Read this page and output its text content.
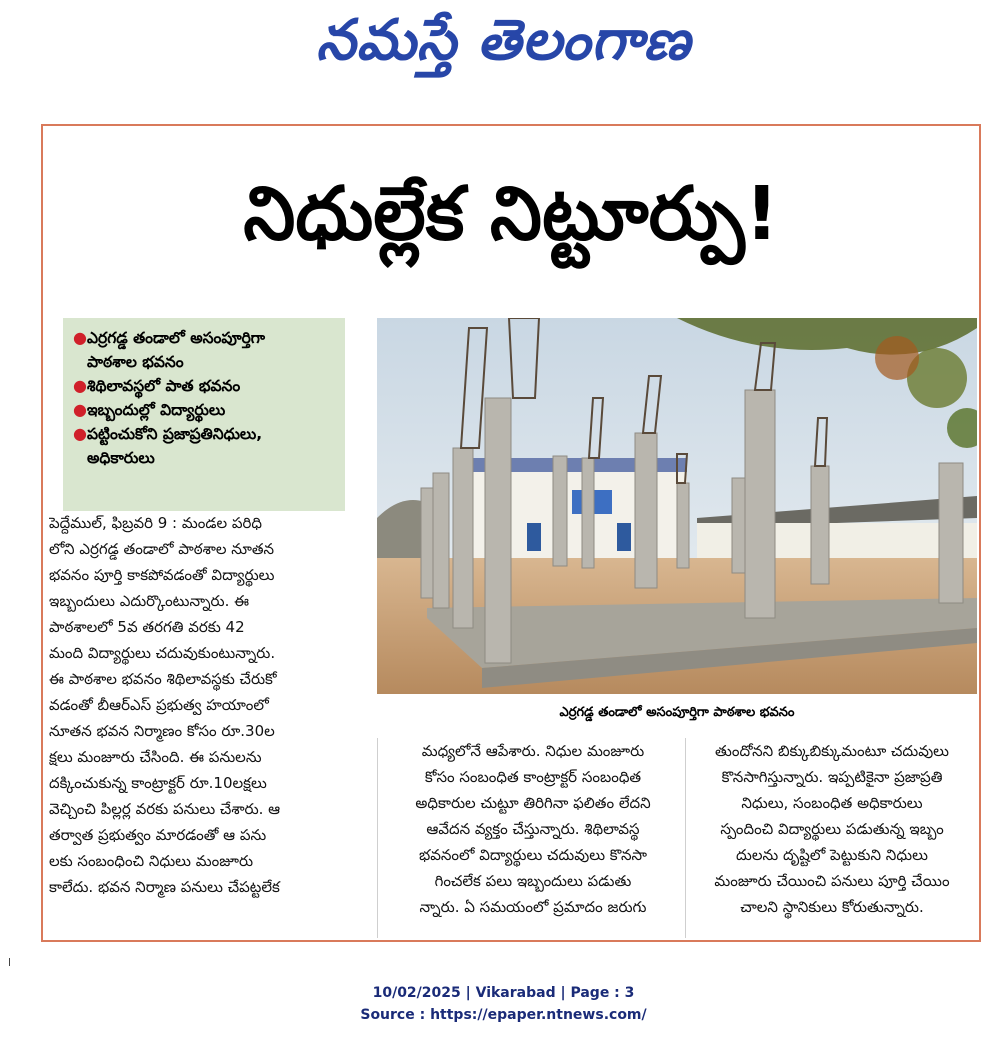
నమస్తే తెలంగాణ
నిధుల్లేక నిట్టూర్పు!
● ఎర్రగడ్డ తండాలో అసంపూర్తిగా
పాఠశాల భవనం
● శిథిలావస్థలో పాత భవనం
● ఇబ్బందుల్లో విద్యార్థులు
● పట్టించుకోని ప్రజాప్రతినిధులు,
అధికారులు
ఎర్రగడ్డ తండాలో అసంపూర్తిగా పాఠశాల భవనం
పెద్దేముల్, ఫిబ్రవరి 9 : మండల పరిధి
లోని ఎర్రగడ్డ తండాలో పాఠశాల నూతన
భవనం పూర్తి కాకపోవడంతో విద్యార్థులు
ఇబ్బందులు ఎదుర్కొంటున్నారు. ఈ
పాఠశాలలో 5వ తరగతి వరకు 42
మంది విద్యార్థులు చదువుకుంటున్నారు.
ఈ పాఠశాల భవనం శిథిలావస్థకు చేరుకో
వడంతో బీఆర్ఎస్ ప్రభుత్వ హయాంలో
నూతన భవన నిర్మాణం కోసం రూ.30ల
క్షలు మంజూరు చేసింది. ఈ పనులను
దక్కించుకున్న కాంట్రాక్టర్ రూ.10లక్షలు
వెచ్చించి పిల్లర్ల వరకు పనులు చేశారు. ఆ
తర్వాత ప్రభుత్వం మారడంతో ఆ పను
లకు సంబంధించి నిధులు మంజూరు
కాలేదు. భవన నిర్మాణ పనులు చేపట్టలేక
మధ్యలోనే ఆపేశారు. నిధుల మంజూరు
కోసం సంబంధిత కాంట్రాక్టర్ సంబంధిత
అధికారుల చుట్టూ తిరిగినా ఫలితం లేదని
ఆవేదన వ్యక్తం చేస్తున్నారు. శిథిలావస్థ
భవనంలో విద్యార్థులు చదువులు కొనసా
గించలేక పలు ఇబ్బందులు పడుతు
న్నారు. ఏ సమయంలో ప్రమాదం జరుగు
తుందోనని బిక్కుబిక్కుమంటూ చదువులు
కొనసాగిస్తున్నారు. ఇప్పటికైనా ప్రజాప్రతి
నిధులు, సంబంధిత అధికారులు
స్పందించి విద్యార్థులు పడుతున్న ఇబ్బం
దులను దృష్టిలో పెట్టుకుని నిధులు
మంజూరు చేయించి పనులు పూర్తి చేయిం
చాలని స్థానికులు కోరుతున్నారు.
10/02/2025 | Vikarabad | Page : 3
Source : https://epaper.ntnews.com/
